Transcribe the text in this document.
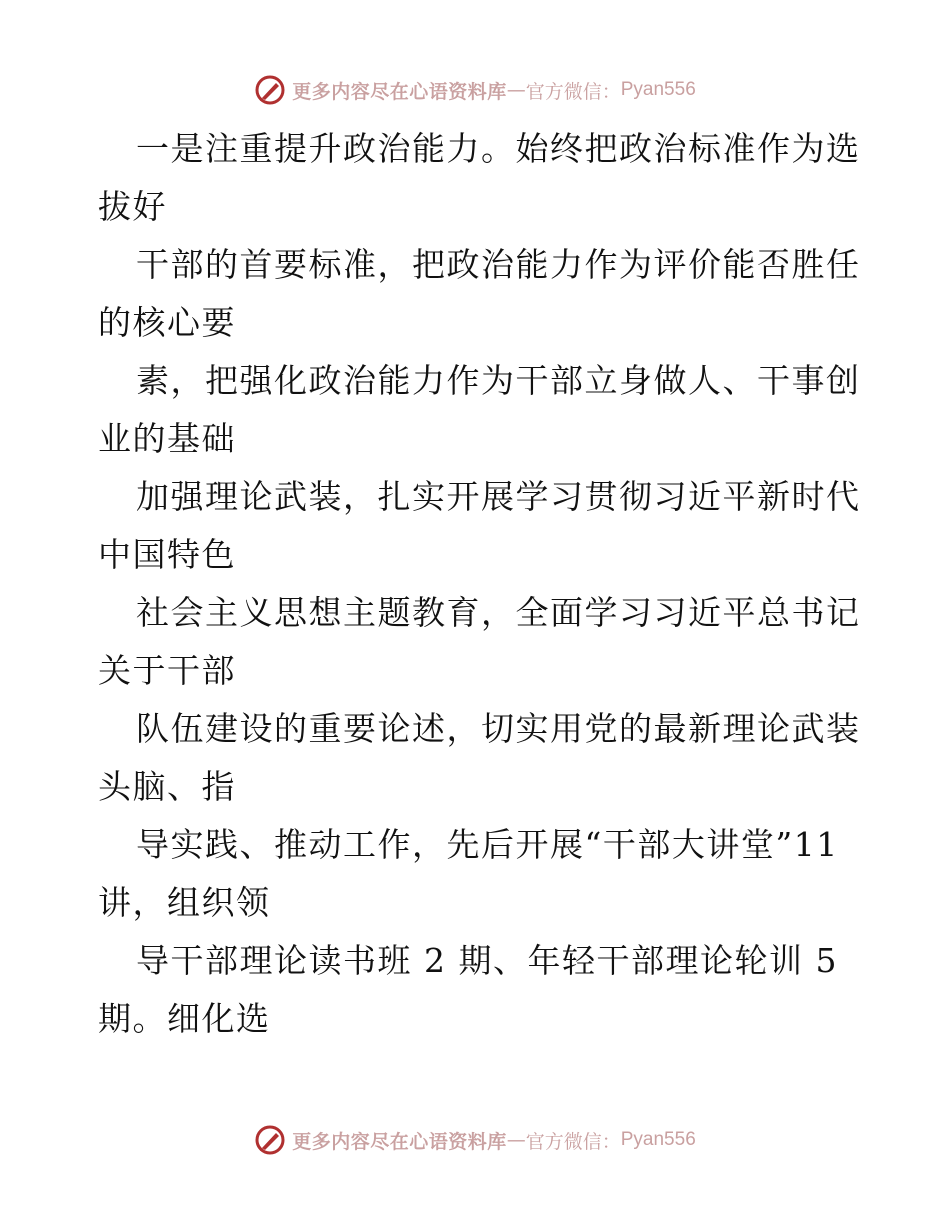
更多内容尽在心语资料库 — 官方微信： Pyan556
一是注重提升政治能力。始终把政治标准作为选
拔好
干部的首要标准，把政治能力作为评价能否胜任
的核心要
素，把强化政治能力作为干部立身做人、干事创
业的基础
加强理论武装，扎实开展学习贯彻习近平新时代
中国特色
社会主义思想主题教育，全面学习习近平总书记
关于干部
队伍建设的重要论述，切实用党的最新理论武装
头脑、指
导实践、推动工作，先后开展“干部大讲堂”11
讲，组织领
导干部理论读书班 2 期、年轻干部理论轮训 5
期。细化选
更多内容尽在心语资料库 — 官方微信： Pyan556
